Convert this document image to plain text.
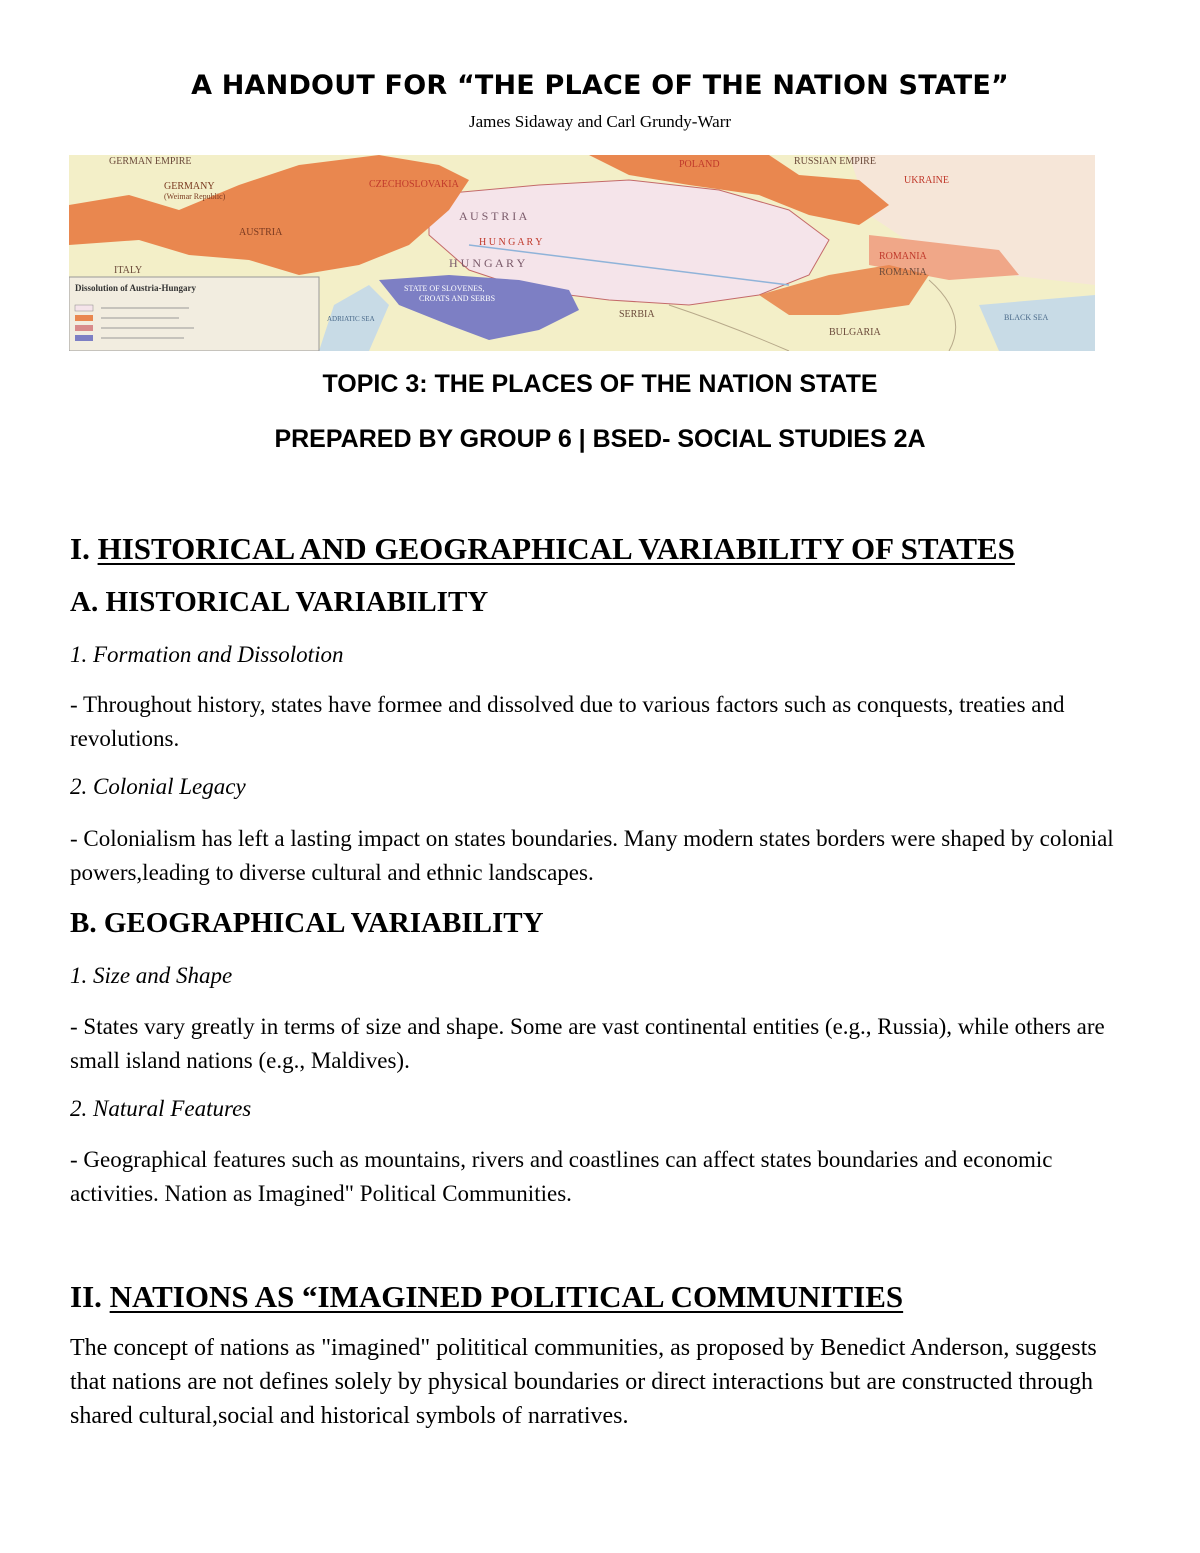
A HANDOUT FOR “THE PLACE OF THE NATION STATE”
James Sidaway and Carl Grundy-Warr
GERMAN EMPIRE
GERMANY
(Weimar Republic)
AUSTRIA
ITALY
CZECHOSLOVAKIA
POLAND	RUSSIAN EMPIRE
UKRAINE
A U S T R I A
H U N G A R Y
H U N G A R Y	ROMANIA
ROMANIA
STATE OF SLOVENES,
CROATS AND SERBS
SERBIA
BULGARIA
BLACK SEA
ADRIATIC SEA
Dissolution of Austria-Hungary
TOPIC 3: THE PLACES OF THE NATION STATE
PREPARED BY GROUP 6 | BSED- SOCIAL STUDIES 2A
I. HISTORICAL AND GEOGRAPHICAL VARIABILITY OF STATES
A. HISTORICAL VARIABILITY
1. Formation and Dissolotion
- Throughout history, states have formee and dissolved due to various factors such as conquests, treaties and revolutions.
2. Colonial Legacy
- Colonialism has left a lasting impact on states boundaries. Many modern states borders were shaped by colonial powers,leading to diverse cultural and ethnic landscapes.
B. GEOGRAPHICAL VARIABILITY
1. Size and Shape
- States vary greatly in terms of size and shape. Some are vast continental entities (e.g., Russia), while others are small island nations (e.g., Maldives).
2. Natural Features
- Geographical features such as mountains, rivers and coastlines can affect states boundaries and economic activities. Nation as Imagined" Political Communities.
II. NATIONS AS “IMAGINED POLITICAL COMMUNITIES
The concept of nations as "imagined" polititical communities, as proposed by Benedict Anderson, suggests that nations are not defines solely by physical boundaries or direct interactions but are constructed through shared cultural,social and historical symbols of narratives.
